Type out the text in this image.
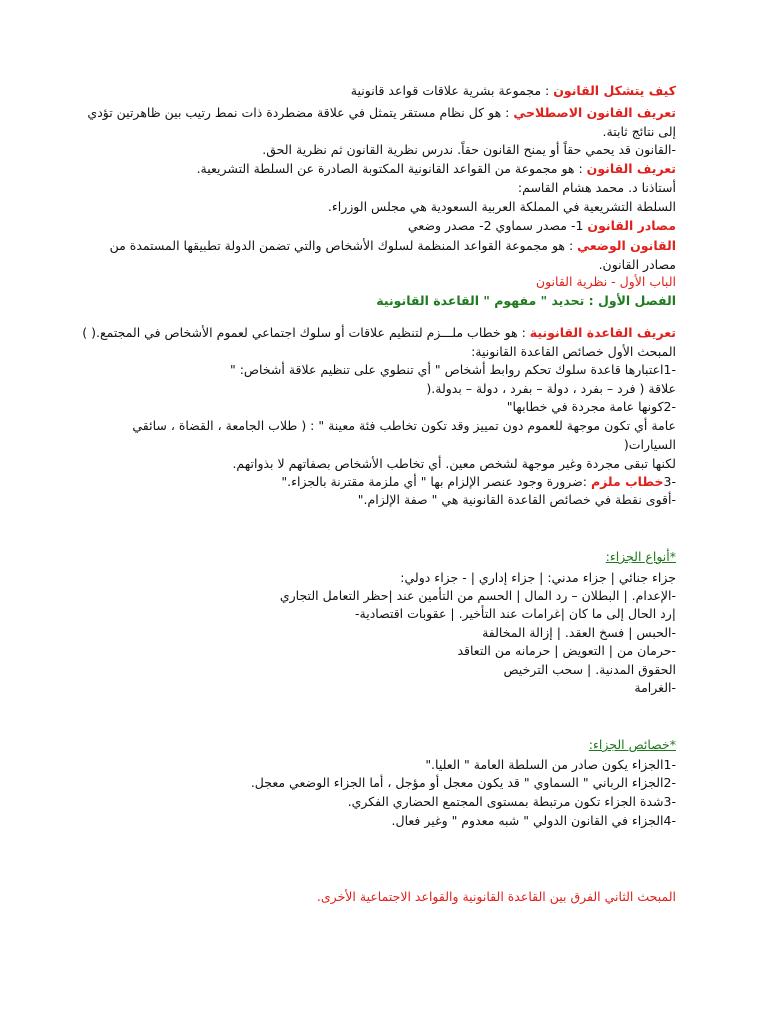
كيف يتشكل القانون : مجموعة بشرية علاقات قواعد قانونية
تعريف القانون الاصطلاحي : هو كل نظام مستقر يتمثل في علاقة مضطردة ذات نمط رتيب بين ظاهرتين تؤدي
إلى نتائج ثابتة.
-القانون قد يحمي حقاً أو يمنح القانون حقاً. ندرس نظرية القانون ثم نظرية الحق.
تعريف القانون : هو مجموعة من القواعد القانونية المكتوبة الصادرة عن السلطة التشريعية.
أستاذنا د. محمد هشام القاسم:
السلطة التشريعية في المملكة العربية السعودية هي مجلس الوزراء.
مصادر القانون 1- مصدر سماوي 2- مصدر وضعي
القانون الوضعي : هو مجموعة القواعد المنظمة لسلوك الأشخاص والتي تضمن الدولة تطبيقها المستمدة من
مصادر القانون.
الباب الأول - نظرية القانون
الفصل الأول : تحديد " مفهوم " القاعدة القانونية
تعريف القاعدة القانونية : هو خطاب ملـــزم لتنظيم علاقات أو سلوك اجتماعي لعموم الأشخاص في المجتمع.( )
المبحث الأول خصائص القاعدة القانونية:
-1اعتبارها قاعدة سلوك تحكم روابط أشخاص " أي تنطوي على تنظيم علاقة أشخاص: "
علاقة ( فرد – بفرد ، دولة – بفرد ، دولة – بدولة.(
-2كونها عامة مجردة في خطابها"
عامة أي تكون موجهة للعموم دون تمييز وقد تكون تخاطب فئة معينة " : ( طلاب الجامعة ، القضاة ، سائقي
السيارات(
لكنها تبقى مجردة وغير موجهة لشخص معين. أي تخاطب الأشخاص بصفاتهم لا بذواتهم.
-3خطاب ملزم :ضرورة وجود عنصر الإلزام بها " أي ملزمة مقترنة بالجزاء."
-أقوى نقطة في خصائص القاعدة القانونية هي " صفة الإلزام."
*أنواع الجزاء:
جزاء جنائي | جزاء مدني: | جزاء إداري | - جزاء دولي:
-الإعدام. | البطلان – رد المال | الحسم من التأمين عند |حظر التعامل التجاري
|رد الحال إلى ما كان |غرامات عند التأخير. | عقوبات اقتصادية-
-الحبس | فسخ العقد. | إزالة المخالفة
-حرمان من | التعويض | حرمانه من التعاقد
الحقوق المدنية. | سحب الترخيص
-الغرامة
*خصائص الجزاء:
-1الجزاء يكون صادر من السلطة العامة " العليا."
-2الجزاء الرباني " السماوي " قد يكون معجل أو مؤجل ، أما الجزاء الوضعي معجل.
-3شدة الجزاء تكون مرتبطة بمستوى المجتمع الحضاري الفكري.
-4الجزاء في القانون الدولي " شبه معدوم " وغير فعال.
المبحث الثاني الفرق بين القاعدة القانونية والقواعد الاجتماعية الأخرى.
